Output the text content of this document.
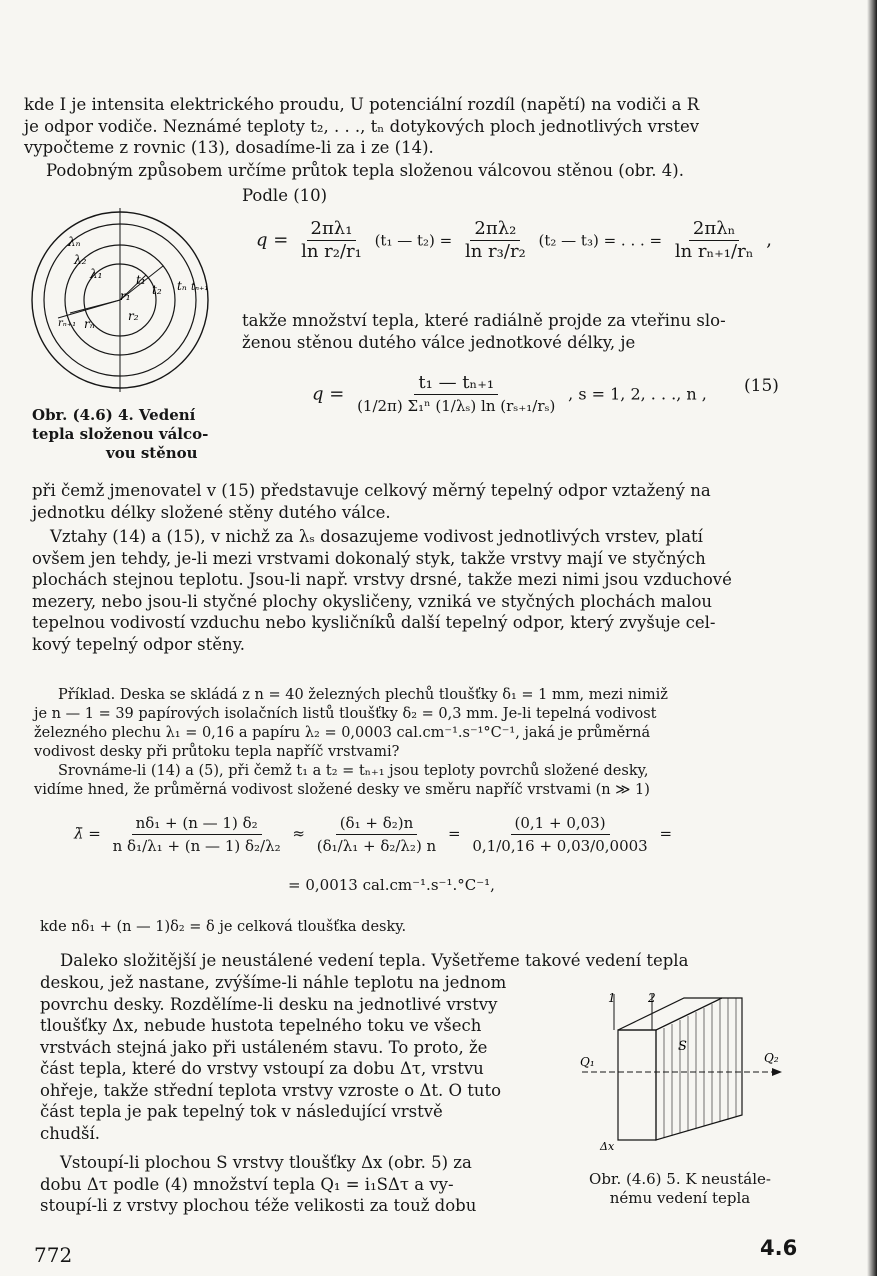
kde I je intensita elektrického proudu, U potenciální rozdíl (napětí) na vodiči a R
je odpor vodiče. Neznámé teploty t₂, . . ., tₙ dotykových ploch jednotlivých vrstev
vypočteme z rovnic (13), dosadíme-li za i ze (14).
Podobným způsobem určíme průtok tepla složenou válcovou stěnou (obr. 4).
Podle (10)
λₙ
λ₂
λ₁	t₁
t₂ tₙ tₙ₊₁
r₁
r₂
rₙ
rₙ₊₁
Obr. (4.6) 4. Vedení
tepla složenou válco-
vou stěnou
$q = \frac{\text{2πλ₁}}{\text{ln r₂/r₁}} (t_1$ — $t_2) = \frac{\text{2πλ₂}}{\text{ln r₃/r₂}} (t_2$ — t₃) = . . . = $\frac{\text{2πλₙ}}{\text{ln rₙ₊₁/rₙ}}$ ,
takže množství tepla, které radiálně projde za vteřinu slo-
ženou stěnou dutého válce jednotkové délky, je
$q = \frac{\text{t₁ — tₙ₊₁}}{\text{(1/2π) Σ₁ⁿ (1/λₛ) ln (rₛ₊₁/rₛ)}}$ , s = 1, 2, . . ., n , (15)
při čemž jmenovatel v (15) představuje celkový měrný tepelný odpor vztažený na
jednotku délky složené stěny dutého válce.
Vztahy (14) a (15), v nichž za λₛ dosazujeme vodivost jednotlivých vrstev, platí
ovšem jen tehdy, je-li mezi vrstvami dokonalý styk, takže vrstvy mají ve styčných
plochách stejnou teplotu. Jsou-li např. vrstvy drsné, takže mezi nimi jsou vzduchové
mezery, nebo jsou-li styčné plochy okysličeny, vzniká ve styčných plochách malou
tepelnou vodivostí vzduchu nebo kysličníků další tepelný odpor, který zvyšuje cel-
kový tepelný odpor stěny.
Příklad. Deska se skládá z n = 40 železných plechů tloušťky δ₁ = 1 mm, mezi nimiž
je n — 1 = 39 papírových isolačních listů tloušťky δ₂ = 0,3 mm. Je-li tepelná vodivost
železného plechu λ₁ = 0,16 a papíru λ₂ = 0,0003 cal.cm⁻¹.s⁻¹°C⁻¹, jaká je průměrná
vodivost desky při průtoku tepla napříč vrstvami?
Srovnáme-li (14) a (5), při čemž t₁ a t₂ = tₙ₊₁ jsou teploty povrchů složené desky,
vidíme hned, že průměrná vodivost složené desky ve směru napříč vrstvami (n ≫ 1)
λ̄ = $\frac{\text{nδ₁ + (n — 1) δ₂}}{\text{n δ₁/λ₁ + (n — 1) δ₂/λ₂}} \approx \frac{\text{(δ₁ + δ₂)n}}{\text{(δ₁/λ₁ + δ₂/λ₂) n}} = \frac{(0,1 + 0,03)}{0,1/0,16 + 0,03/0,0003}$ =
= 0,0013 cal.cm⁻¹.s⁻¹.°C⁻¹,
kde nδ₁ + (n — 1)δ₂ = δ je celková tloušťka desky.
Daleko složitější je neustálené vedení tepla. Vyšetřeme takové vedení tepla
deskou, jež nastane, zvýšíme-li náhle teplotu na jednom
povrchu desky. Rozdělíme-li desku na jednotlivé vrstvy
tloušťky Δx, nebude hustota tepelného toku ve všech
vrstvách stejná jako při ustáleném stavu. To proto, že
část tepla, které do vrstvy vstoupí za dobu Δτ, vrstvu
ohřeje, takže střední teplota vrstvy vzroste o Δt. O tuto
část tepla je pak tepelný tok v následující vrstvě
chudší.
Vstoupí-li plochou S vrstvy tloušťky Δx (obr. 5) za
dobu Δτ podle (4) množství tepla Q₁ = i₁SΔτ a vy-
stoupí-li z vrstvy plochou téže velikosti za touž dobu
1	2
Q₁	Q₂
S
Δx
Obr. (4.6) 5. K neustále-
nému vedení tepla
772	4.6
